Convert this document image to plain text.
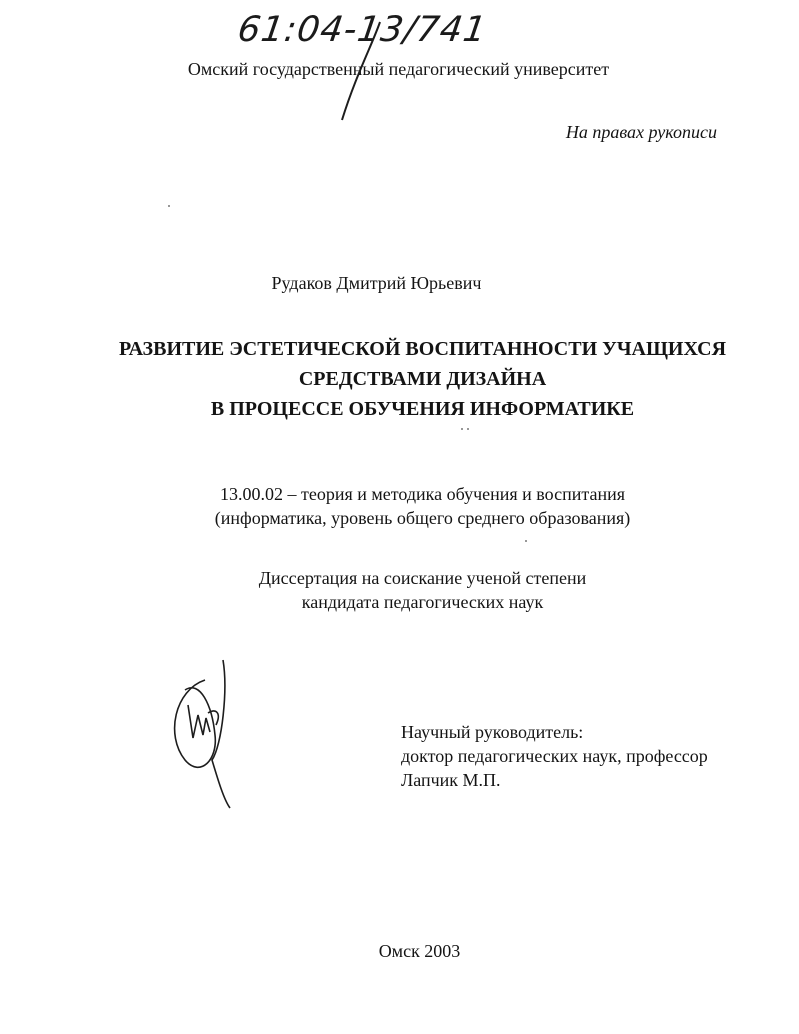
61:04-13/741
Омский государственный педагогический университет
На правах рукописи
Рудаков Дмитрий Юрьевич
РАЗВИТИЕ ЭСТЕТИЧЕСКОЙ ВОСПИТАННОСТИ УЧАЩИХСЯ
СРЕДСТВАМИ ДИЗАЙНА
В ПРОЦЕССЕ ОБУЧЕНИЯ ИНФОРМАТИКЕ
13.00.02 – теория и методика обучения и воспитания
(информатика, уровень общего среднего образования)
Диссертация на соискание ученой степени
кандидата педагогических наук
Научный руководитель:
доктор педагогических наук, профессор
Лапчик М.П.
Омск 2003
